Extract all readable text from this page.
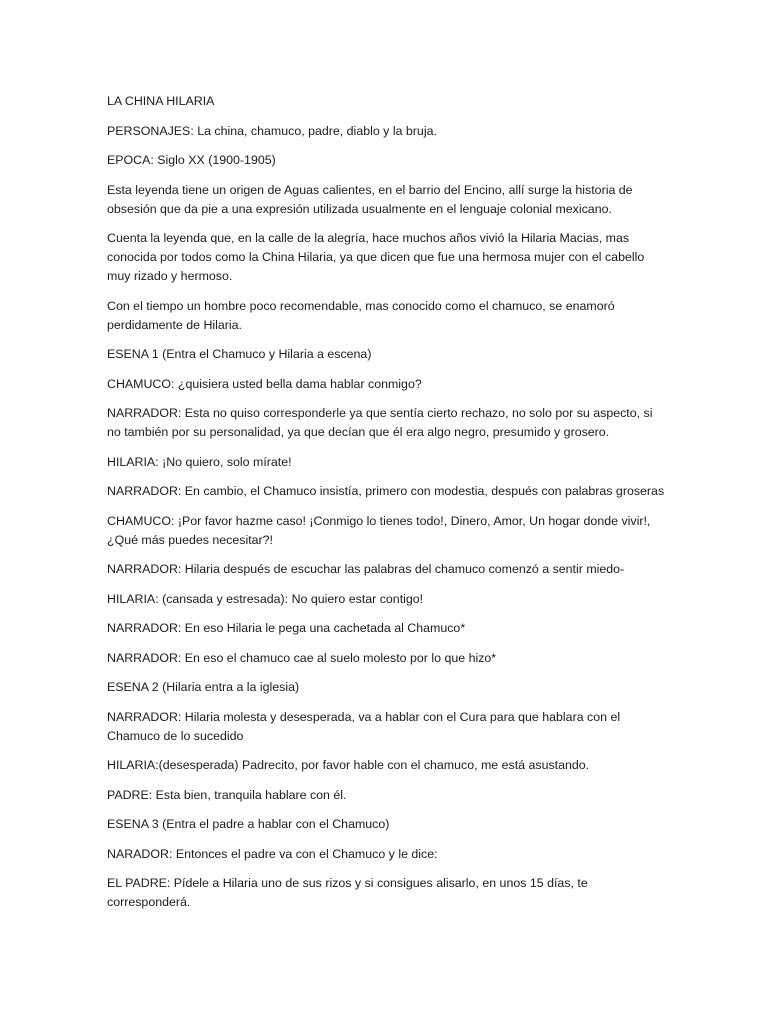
LA CHINA HILARIA

PERSONAJES: La china, chamuco, padre, diablo y la bruja.

EPOCA: Siglo XX (1900-1905)

Esta leyenda tiene un origen de Aguas calientes, en el barrio del Encino, allí surge la historia de obsesión que da pie a una expresión utilizada usualmente en el lenguaje colonial mexicano.

Cuenta la leyenda que, en la calle de la alegría, hace muchos años vivió la Hilaria Macias, mas conocida por todos como la China Hilaria, ya que dicen que fue una hermosa mujer con el cabello muy rizado y hermoso.

Con el tiempo un hombre poco recomendable, mas conocido como el chamuco, se enamoró perdidamente de Hilaria.

ESENA 1 (Entra el Chamuco y Hilaria a escena)

CHAMUCO: ¿quisiera usted bella dama hablar conmigo?

NARRADOR: Esta no quiso corresponderle ya que sentía cierto rechazo, no solo por su aspecto, si no también por su personalidad, ya que decían que él era algo negro, presumido y grosero.

HILARIA: ¡No quiero, solo mírate!

NARRADOR: En cambio, el Chamuco insistía, primero con modestia, después con palabras groseras

CHAMUCO: ¡Por favor hazme caso! ¡Conmigo lo tienes todo!, Dinero, Amor, Un hogar donde vivir!, ¿Qué más puedes necesitar?!

NARRADOR: Hilaria después de escuchar las palabras del chamuco comenzó a sentir miedo-

HILARIA: (cansada y estresada): No quiero estar contigo!

NARRADOR: En eso Hilaria le pega una cachetada al Chamuco*

NARRADOR: En eso el chamuco cae al suelo molesto por lo que hizo*

ESENA 2 (Hilaria entra a la iglesia)

NARRADOR: Hilaria molesta y desesperada, va a hablar con el Cura para que hablara con el Chamuco de lo sucedido

HILARIA:(desesperada) Padrecito, por favor hable con el chamuco, me está asustando.

PADRE: Esta bien, tranquila hablare con él.

ESENA 3 (Entra el padre a hablar con el Chamuco)

NARADOR: Entonces el padre va con el Chamuco y le dice:

EL PADRE: Pídele a Hilaria uno de sus rizos y si consigues alisarlo, en unos 15 días, te corresponderá.
